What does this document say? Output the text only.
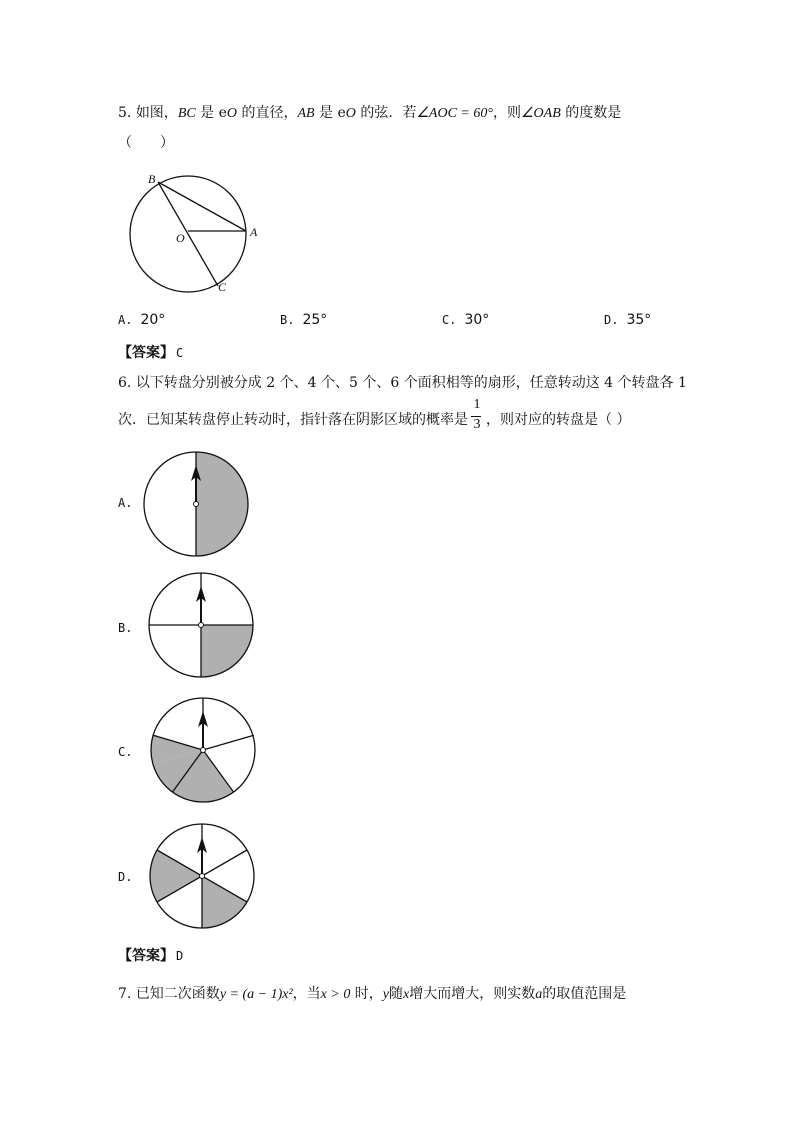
5. 如图，BC 是 eO 的直径，AB 是 eO 的弦．若∠AOC = 60°，则∠OAB 的度数是
（　　）
B
O	A
C
A. 20°	B. 25°	C. 30°	D. 35°
【答案】 C
6. 以下转盘分别被分成 2 个、4 个、5 个、6 个面积相等的扇形，任意转动这 4 个转盘各 1
次．已知某转盘停止转动时，指针落在阴影区域的概率是 ，则对应的转盘是（ ）
1
3
A.
B.
C.
D.
【答案】 D
7. 已知二次函数y = (a − 1)x²，当x > 0 时，y随x增大而增大，则实数a的取值范围是
